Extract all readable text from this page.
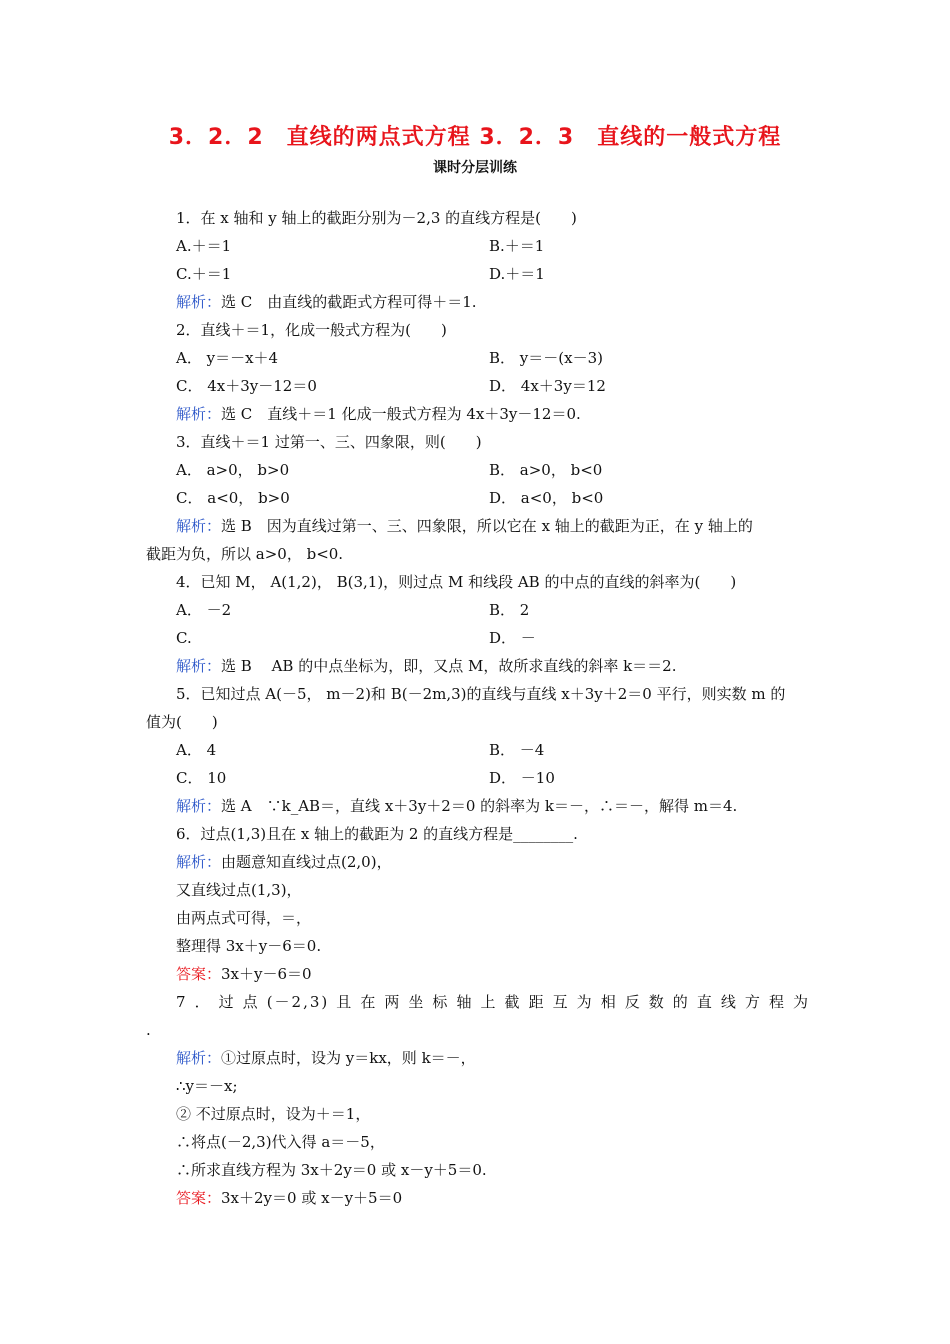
3．2．2　直线的两点式方程 3．2．3　直线的一般式方程
课时分层训练
1．在 x 轴和 y 轴上的截距分别为－2,3 的直线方程是(　　)
A.＋＝1	B.＋＝1
C.＋＝1	D.＋＝1
解析：选 C　由直线的截距式方程可得＋＝1.
2．直线＋＝1，化成一般式方程为(　　)
A． y＝－x＋4	B． y＝－(x－3)
C． 4x＋3y－12＝0	D． 4x＋3y＝12
解析：选 C　直线＋＝1 化成一般式方程为 4x＋3y－12＝0.
3．直线＋＝1 过第一、三、四象限，则(　　)
A． a>0， b>0	B． a>0， b<0
C． a<0， b>0	D． a<0， b<0
解析：选 B　因为直线过第一、三、四象限，所以它在 x 轴上的截距为正，在 y 轴上的
截距为负，所以 a>0， b<0.
4．已知 M， A(1,2)， B(3,1)，则过点 M 和线段 AB 的中点的直线的斜率为(　　)
A． －2	B． 2
C.	D． －
解析：选 B　 AB 的中点坐标为，即，又点 M，故所求直线的斜率 k＝＝2.
5．已知过点 A(－5， m－2)和 B(－2m,3)的直线与直线 x＋3y＋2＝0 平行，则实数 m 的
值为(　　)
A． 4	B． －4
C． 10	D． －10
解析：选 A　∵k_AB＝，直线 x＋3y＋2＝0 的斜率为 k＝－，∴＝－，解得 m＝4.
6．过点(1,3)且在 x 轴上的截距为 2 的直线方程是________.
解析：由题意知直线过点(2,0)，
又直线过点(1,3)，
由两点式可得，＝，
整理得 3x＋y－6＝0.
答案：3x＋y－6＝0
7．过点(－2,3)且在两坐标轴上截距互为相反数的直线方程为
.
解析：①过原点时，设为 y＝kx，则 k＝－，
∴y＝－x;
② 不过原点时，设为＋＝1，
∴将点(－2,3)代入得 a＝－5，
∴所求直线方程为 3x＋2y＝0 或 x－y＋5＝0.
答案：3x＋2y＝0 或 x－y＋5＝0
